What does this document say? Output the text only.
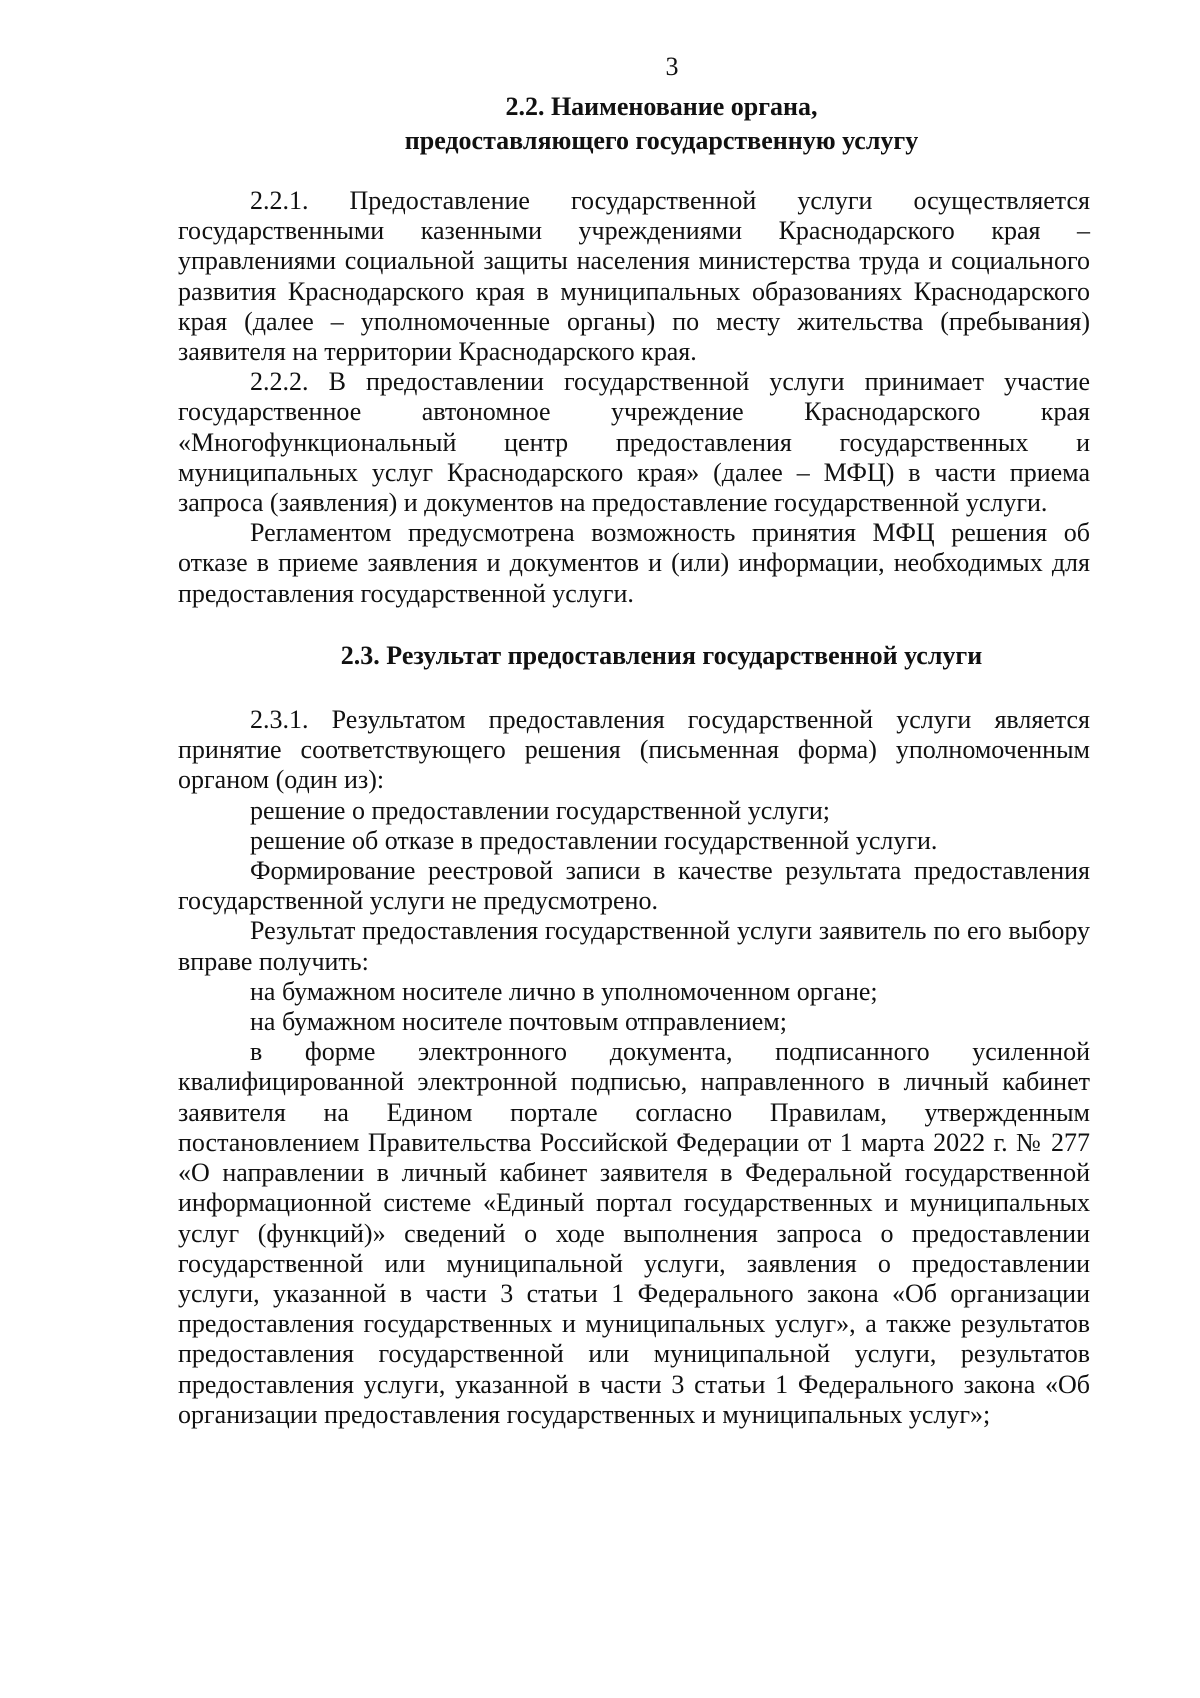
3
2.2. Наименование органа,
предоставляющего государственную услугу

2.2.1. Предоставление государственной услуги осуществляется государственными казенными учреждениями Краснодарского края – управлениями социальной защиты населения министерства труда и социального развития Краснодарского края в муниципальных образованиях Краснодарского края (далее – уполномоченные органы) по месту жительства (пребывания) заявителя на территории Краснодарского края.

2.2.2. В предоставлении государственной услуги принимает участие государственное автономное учреждение Краснодарского края «Многофункциональный центр предоставления государственных и муниципальных услуг Краснодарского края» (далее – МФЦ) в части приема запроса (заявления) и документов на предоставление государственной услуги.

Регламентом предусмотрена возможность принятия МФЦ решения об отказе в приеме заявления и документов и (или) информации, необходимых для предоставления государственной услуги.

2.3. Результат предоставления государственной услуги

2.3.1. Результатом предоставления государственной услуги является принятие соответствующего решения (письменная форма) уполномоченным органом (один из):

решение о предоставлении государственной услуги;

решение об отказе в предоставлении государственной услуги.

Формирование реестровой записи в качестве результата предоставления государственной услуги не предусмотрено.

Результат предоставления государственной услуги заявитель по его выбору вправе получить:

на бумажном носителе лично в уполномоченном органе;

на бумажном носителе почтовым отправлением;

в форме электронного документа, подписанного усиленной квалифицированной электронной подписью, направленного в личный кабинет заявителя на Едином портале согласно Правилам, утвержденным постановлением Правительства Российской Федерации от 1 марта 2022 г. № 277 «О направлении в личный кабинет заявителя в Федеральной государственной информационной системе «Единый портал государственных и муниципальных услуг (функций)» сведений о ходе выполнения запроса о предоставлении государственной или муниципальной услуги, заявления о предоставлении услуги, указанной в части 3 статьи 1 Федерального закона «Об организации предоставления государственных и муниципальных услуг», а также результатов предоставления государственной или муниципальной услуги, результатов предоставления услуги, указанной в части 3 статьи 1 Федерального закона «Об организации предоставления государственных и муниципальных услуг»;
